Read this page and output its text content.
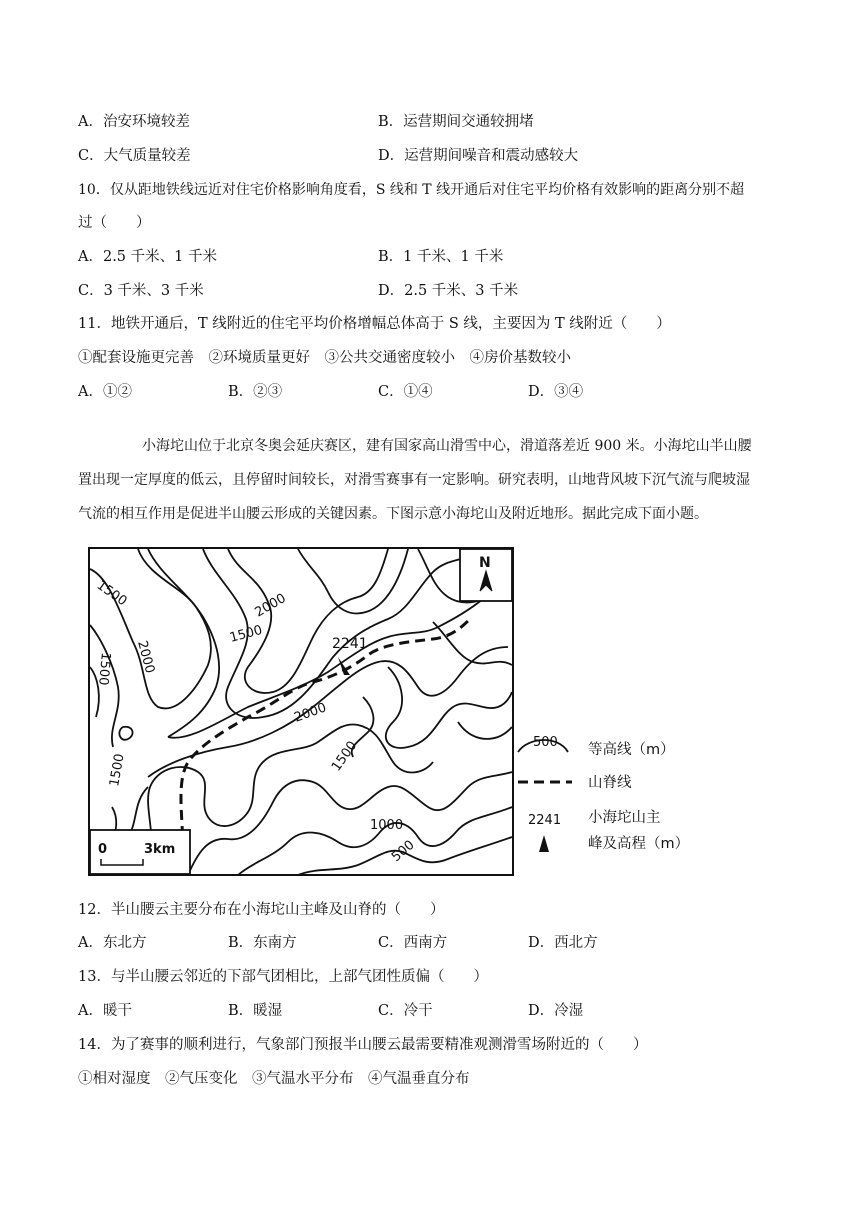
A．治安环境较差	B．运营期间交通较拥堵
C．大气质量较差	D．运营期间噪音和震动感较大
10．仅从距地铁线远近对住宅价格影响角度看，S 线和 T 线开通后对住宅平均价格有效影响的距离分别不超
过（　　）
A．2.5 千米、1 千米	B．1 千米、1 千米
C．3 千米、3 千米	D．2.5 千米、3 千米
11．地铁开通后，T 线附近的住宅平均价格增幅总体高于 S 线，主要因为 T 线附近（　　）
①配套设施更完善　②环境质量更好　③公共交通密度较小　④房价基数较小
A．①②	B．②③	C．①④	D．③④
小海坨山位于北京冬奥会延庆赛区，建有国家高山滑雪中心，滑道落差近 900 米。小海坨山半山腰
置出现一定厚度的低云，且停留时间较长，对滑雪赛事有一定影响。研究表明，山地背风坡下沉气流与爬坡湿
气流的相互作用是促进半山腰云形成的关键因素。下图示意小海坨山及附近地形。据此完成下面小题。
2241
1500
2000
1500
2000
1500
2000
1500
1500
1000
500
N
0	3km
500 等高线（m）
山脊线
2241 小海坨山主
峰及高程（m）
12．半山腰云主要分布在小海坨山主峰及山脊的（　　）
A．东北方	B．东南方	C．西南方	D．西北方
13．与半山腰云邻近的下部气团相比，上部气团性质偏（　　）
A．暖干	B．暖湿	C．冷干	D．冷湿
14．为了赛事的顺利进行，气象部门预报半山腰云最需要精准观测滑雪场附近的（　　）
①相对湿度　②气压变化　③气温水平分布　④气温垂直分布
